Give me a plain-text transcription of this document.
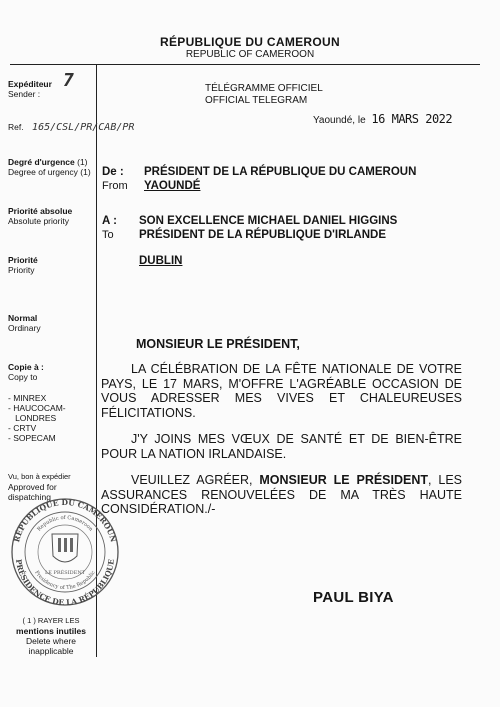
RÉPUBLIQUE DU CAMEROUN
REPUBLIC OF CAMEROON
Expéditeur 7
Sender :
Ref. 165/CSL/PR/CAB/PR
Degré d'urgence (1)
Degree of urgency (1)
Priorité absolue
Absolute priority
Priorité
Priority
Normal
Ordinary
Copie à :
Copy to
- MINREX
- HAUCOCAM-
LONDRES
- CRTV
- SOPECAM
Vu, bon à expédier
Approved for
dispatching
RÉPUBLIQUE DU CAMEROUN
PRÉSIDENCE DE LA RÉPUBLIQUE
Republic of Cameroon
Presidency of The Republic
LE PRÉSIDENT
( 1 ) RAYER LES
mentions inutiles
Delete where
inapplicable
TÉLÉGRAMME OFFICIEL
OFFICIAL TELEGRAM
Yaoundé, le 16 MARS 2022
De :
From
PRÉSIDENT DE LA RÉPUBLIQUE DU CAMEROUN
YAOUNDÉ
A :
To
SON EXCELLENCE MICHAEL DANIEL HIGGINS
PRÉSIDENT DE LA RÉPUBLIQUE D'IRLANDE
DUBLIN
MONSIEUR LE PRÉSIDENT,
LA CÉLÉBRATION DE LA FÊTE NATIONALE DE VOTRE PAYS, LE 17 MARS, M'OFFRE L'AGRÉABLE OCCASION DE VOUS ADRESSER MES VIVES ET CHALEUREUSES FÉLICITATIONS.
J'Y JOINS MES VŒUX DE SANTÉ ET DE BIEN-ÊTRE POUR LA NATION IRLANDAISE.
VEUILLEZ AGRÉER, MONSIEUR LE PRÉSIDENT, LES ASSURANCES RENOUVELÉES DE MA TRÈS HAUTE CONSIDÉRATION./-
PAUL BIYA
